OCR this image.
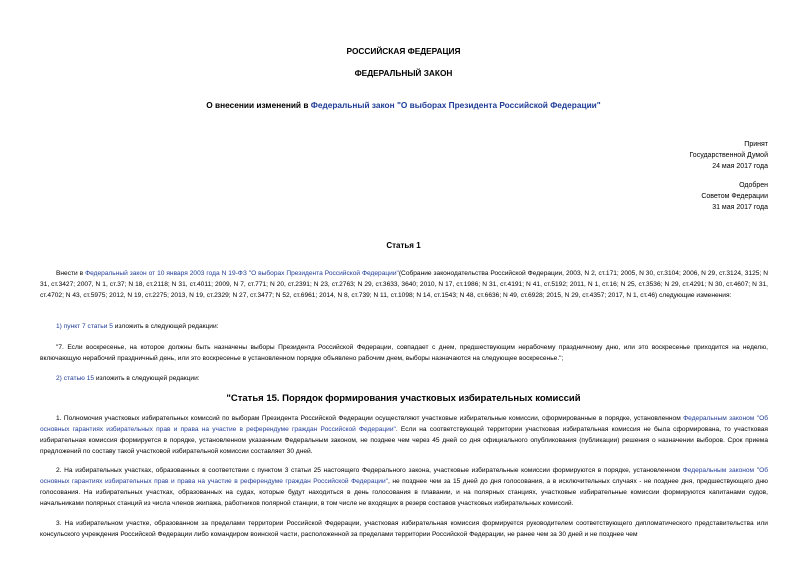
РОССИЙСКАЯ ФЕДЕРАЦИЯ
ФЕДЕРАЛЬНЫЙ ЗАКОН
О внесении изменений в Федеральный закон "О выборах Президента Российской Федерации"
Принят
Государственной Думой
24 мая 2017 года
Одобрен
Советом Федерации
31 мая 2017 года
Статья 1
Внести в Федеральный закон от 10 января 2003 года N 19-ФЗ "О выборах Президента Российской Федерации"(Собрание законодательства Российской Федерации, 2003, N 2, ст.171; 2005, N 30, ст.3104; 2006, N 29, ст.3124, 3125; N 31, ст.3427; 2007, N 1, ст.37; N 18, ст.2118; N 31, ст.4011; 2009, N 7, ст.771; N 20, ст.2391; N 23, ст.2763; N 29, ст.3633, 3640; 2010, N 17, ст.1986; N 31, ст.4191; N 41, ст.5192; 2011, N 1, ст.16; N 25, ст.3536; N 29, ст.4291; N 30, ст.4607; N 31, ст.4702; N 43, ст.5975; 2012, N 19, ст.2275; 2013, N 19, ст.2329; N 27, ст.3477; N 52, ст.6961; 2014, N 8, ст.739; N 11, ст.1098; N 14, ст.1543; N 48, ст.6636; N 49, ст.6928; 2015, N 29, ст.4357; 2017, N 1, ст.46) следующие изменения:
1) пункт 7 статьи 5 изложить в следующей редакции:
"7. Если воскресенье, на которое должны быть назначены выборы Президента Российской Федерации, совпадает с днем, предшествующим нерабочему праздничному дню, или это воскресенье приходится на неделю, включающую нерабочий праздничный день, или это воскресенье в установленном порядке объявлено рабочим днем, выборы назначаются на следующее воскресенье.";
2) статью 15 изложить в следующей редакции:
"Статья 15. Порядок формирования участковых избирательных комиссий
1. Полномочия участковых избирательных комиссий по выборам Президента Российской Федерации осуществляют участковые избирательные комиссии, сформированные в порядке, установленном Федеральным законом "Об основных гарантиях избирательных прав и права на участие в референдуме граждан Российской Федерации". Если на соответствующей территории участковая избирательная комиссия не была сформирована, то участковая избирательная комиссия формируется в порядке, установленном указанным Федеральным законом, не позднее чем через 45 дней со дня официального опубликования (публикации) решения о назначении выборов. Срок приема предложений по составу такой участковой избирательной комиссии составляет 30 дней.
2. На избирательных участках, образованных в соответствии с пунктом 3 статьи 25 настоящего Федерального закона, участковые избирательные комиссии формируются в порядке, установленном Федеральным законом "Об основных гарантиях избирательных прав и права на участие в референдуме граждан Российской Федерации", не позднее чем за 15 дней до дня голосования, а в исключительных случаях - не позднее дня, предшествующего дню голосования. На избирательных участках, образованных на судах, которые будут находиться в день голосования в плавании, и на полярных станциях, участковые избирательные комиссии формируются капитанами судов, начальниками полярных станций из числа членов экипажа, работников полярной станции, в том числе не входящих в резерв составов участковых избирательных комиссий.
3. На избирательном участке, образованном за пределами территории Российской Федерации, участковая избирательная комиссия формируется руководителем соответствующего дипломатического представительства или консульского учреждения Российской Федерации либо командиром воинской части, расположенной за пределами территории Российской Федерации, не ранее чем за 30 дней и не позднее чем
